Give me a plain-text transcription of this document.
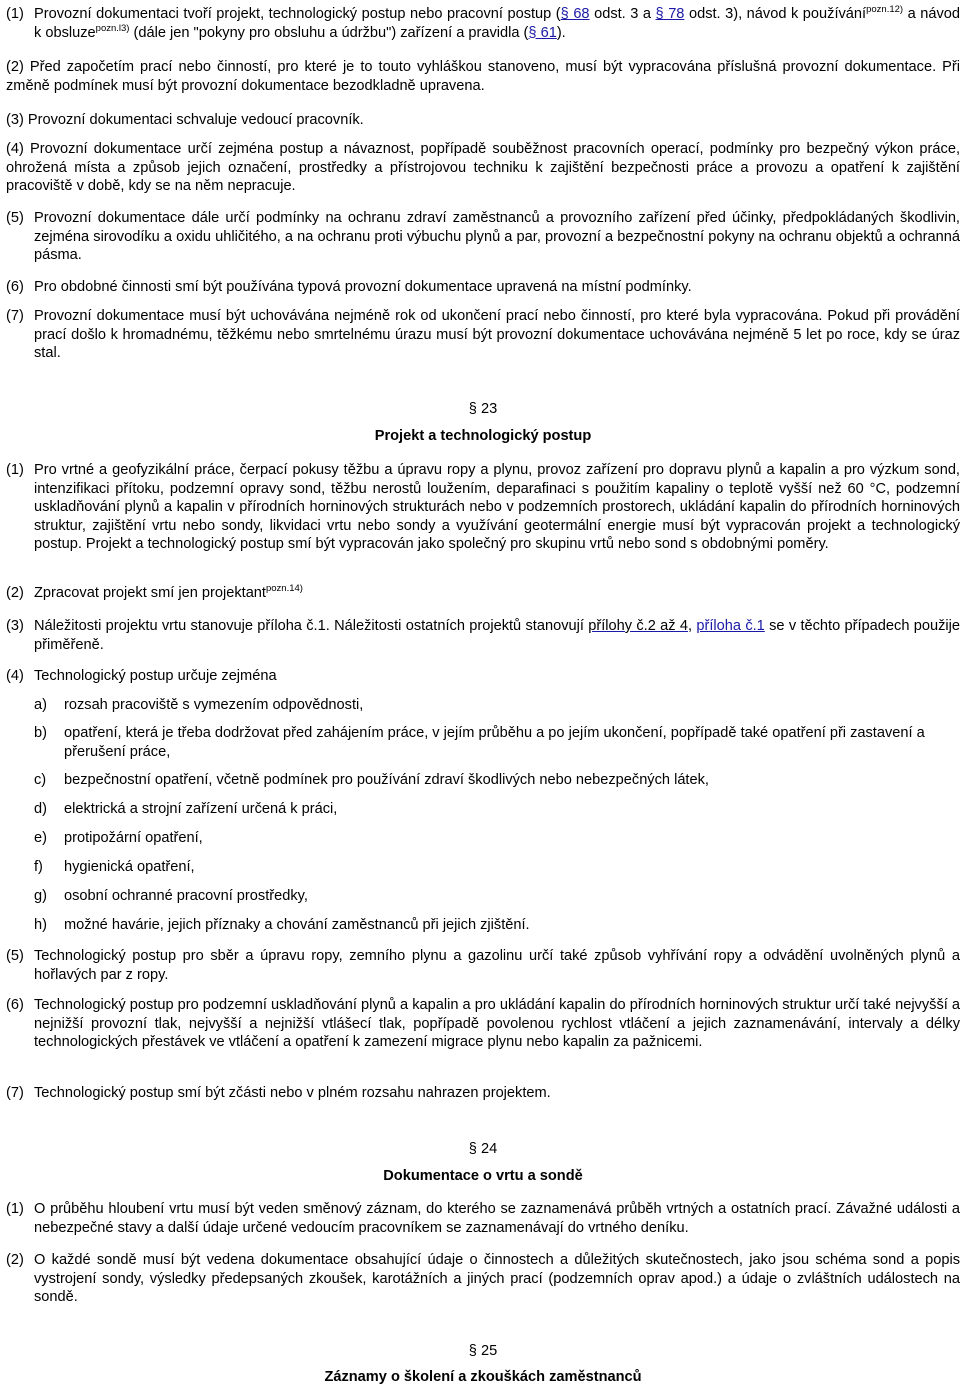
(1) Provozní dokumentaci tvoří projekt, technologický postup nebo pracovní postup (§ 68 odst. 3 a § 78 odst. 3), návod k používání$^{pozn.12)}$ a návod k obsluze$^{pozn.l3)}$ (dále jen "pokyny pro obsluhu a údržbu") zařízení a pravidla (§ 61).
(2) Před započetím prací nebo činností, pro které je to touto vyhláškou stanoveno, musí být vypracována příslušná provozní dokumentace. Při změně podmínek musí být provozní dokumentace bezodkladně upravena.
(3) Provozní dokumentaci schvaluje vedoucí pracovník.
(4) Provozní dokumentace určí zejména postup a návaznost, popřípadě souběžnost pracovních operací, podmínky pro bezpečný výkon práce, ohrožená místa a způsob jejich označení, prostředky a přístrojovou techniku k zajištění bezpečnosti práce a provozu a opatření k zajištění pracoviště v době, kdy se na něm nepracuje.
(5) Provozní dokumentace dále určí podmínky na ochranu zdraví zaměstnanců a provozního zařízení před účinky, předpokládaných škodlivin, zejména sirovodíku a oxidu uhličitého, a na ochranu proti výbuchu plynů a par, provozní a bezpečnostní pokyny na ochranu objektů a ochranná pásma.
(6) Pro obdobné činnosti smí být používána typová provozní dokumentace upravená na místní podmínky.
(7) Provozní dokumentace musí být uchovávána nejméně rok od ukončení prací nebo činností, pro které byla vypracována. Pokud při provádění prací došlo k hromadnému, těžkému nebo smrtelnému úrazu musí být provozní dokumentace uchovávána nejméně 5 let po roce, kdy se úraz stal.
§ 23
Projekt a technologický postup
(1) Pro vrtné a geofyzikální práce, čerpací pokusy těžbu a úpravu ropy a plynu, provoz zařízení pro dopravu plynů a kapalin a pro výzkum sond, intenzifikaci přítoku, podzemní opravy sond, těžbu nerostů loužením, deparafinaci s použitím kapaliny o teplotě vyšší než 60 °C, podzemní uskladňování plynů a kapalin v přírodních horninových strukturách nebo v podzemních prostorech, ukládání kapalin do přírodních horninových struktur, zajištění vrtu nebo sondy, likvidaci vrtu nebo sondy a využívání geotermální energie musí být vypracován projekt a technologický postup. Projekt a technologický postup smí být vypracován jako společný pro skupinu vrtů nebo sond s obdobnými poměry.
(2) Zpracovat projekt smí jen projektant$^{pozn.14)}$
(3) Náležitosti projektu vrtu stanovuje příloha č.1. Náležitosti ostatních projektů stanovují přílohy č.2 až 4, příloha č.1 se v těchto případech použije přiměřeně.
(4) Technologický postup určuje zejména
a)	rozsah pracoviště s vymezením odpovědnosti,
b)	opatření, která je třeba dodržovat před zahájením práce, v jejím průběhu a po jejím ukončení, popřípadě také opatření při zastavení a přerušení práce,
c)	bezpečnostní opatření, včetně podmínek pro používání zdraví škodlivých nebo nebezpečných látek,
d)	elektrická a strojní zařízení určená k práci,
e)	protipožární opatření,
f)	hygienická opatření,
g)	osobní ochranné pracovní prostředky,
h)	možné havárie, jejich příznaky a chování zaměstnanců při jejich zjištění.
(5) Technologický postup pro sběr a úpravu ropy, zemního plynu a gazolinu určí také způsob vyhřívání ropy a odvádění uvolněných plynů a hořlavých par z ropy.
(6) Technologický postup pro podzemní uskladňování plynů a kapalin a pro ukládání kapalin do přírodních horninových struktur určí také nejvyšší a nejnižší provozní tlak, nejvyšší a nejnižší vtlášecí tlak, popřípadě povolenou rychlost vtláčení a jejich zaznamenávání, intervaly a délky technologických přestávek ve vtláčení a opatření k zamezení migrace plynu nebo kapalin za pažnicemi.
(7) Technologický postup smí být zčásti nebo v plném rozsahu nahrazen projektem.
§ 24
Dokumentace o vrtu a sondě
(1) O průběhu hloubení vrtu musí být veden směnový záznam, do kterého se zaznamenává průběh vrtných a ostatních prací. Závažné události a nebezpečné stavy a další údaje určené vedoucím pracovníkem se zaznamenávají do vrtného deníku.
(2) O každé sondě musí být vedena dokumentace obsahující údaje o činnostech a důležitých skutečnostech, jako jsou schéma sond a popis vystrojení sondy, výsledky předepsaných zkoušek, karotážních a jiných prací (podzemních oprav apod.) a údaje o zvláštních událostech na sondě.
§ 25
Záznamy o školení a zkouškách zaměstnanců
